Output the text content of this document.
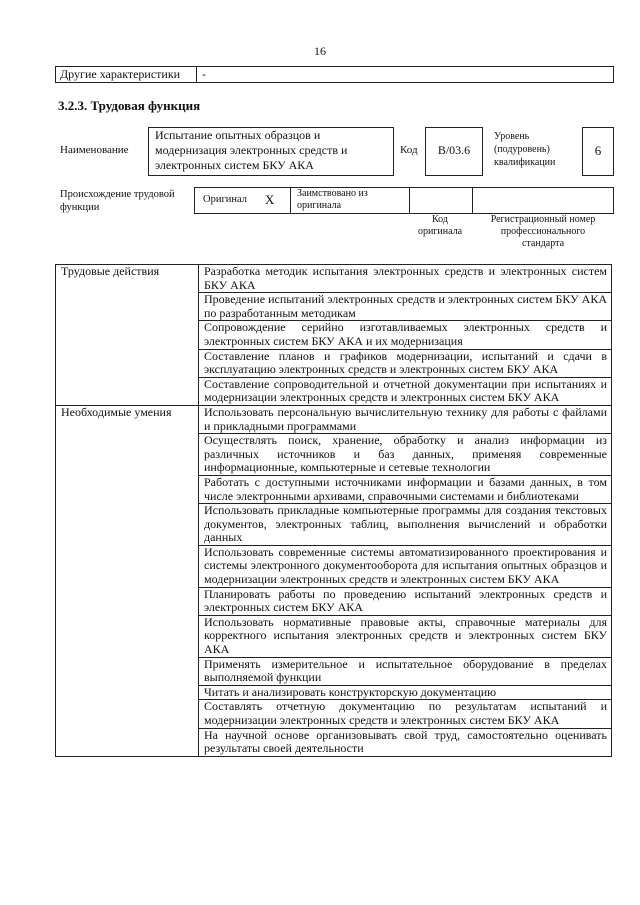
16
Другие характеристики -
3.2.3. Трудовая функция
Наименование
Испытание опытных образцов и модернизация электронных средств и электронных систем БКУ АКА
Код	B/03.6
Уровень (подуровень) квалификации
6
Происхождение трудовой функции
Оригинал X Заимствовано из оригинала
Код оригинала
Регистрационный номер профессионального стандарта
Трудовые действия	Разработка методик испытания электронных средств и электронных систем БКУ АКА
	Проведение испытаний электронных средств и электронных систем БКУ АКА по разработанным методикам
	Сопровождение серийно изготавливаемых электронных средств и электронных систем БКУ АКА и их модернизация
	Составление планов и графиков модернизации, испытаний и сдачи в эксплуатацию электронных средств и электронных систем БКУ АКА
	Составление сопроводительной и отчетной документации при испытаниях и модернизации электронных средств и электронных систем БКУ АКА
Необходимые умения	Использовать персональную вычислительную технику для работы с файлами и прикладными программами
	Осуществлять поиск, хранение, обработку и анализ информации из различных источников и баз данных, применяя современные информационные, компьютерные и сетевые технологии
	Работать с доступными источниками информации и базами данных, в том числе электронными архивами, справочными системами и библиотеками
	Использовать прикладные компьютерные программы для создания текстовых документов, электронных таблиц, выполнения вычислений и обработки данных
	Использовать современные системы автоматизированного проектирования и системы электронного документооборота для испытания опытных образцов и модернизации электронных средств и электронных систем БКУ АКА
	Планировать работы по проведению испытаний электронных средств и электронных систем БКУ АКА
	Использовать нормативные правовые акты, справочные материалы для корректного испытания электронных средств и электронных систем БКУ АКА
	Применять измерительное и испытательное оборудование в пределах выполняемой функции
	Читать и анализировать конструкторскую документацию
	Составлять отчетную документацию по результатам испытаний и модернизации электронных средств и электронных систем БКУ АКА
	На научной основе организовывать свой труд, самостоятельно оценивать результаты своей деятельности
